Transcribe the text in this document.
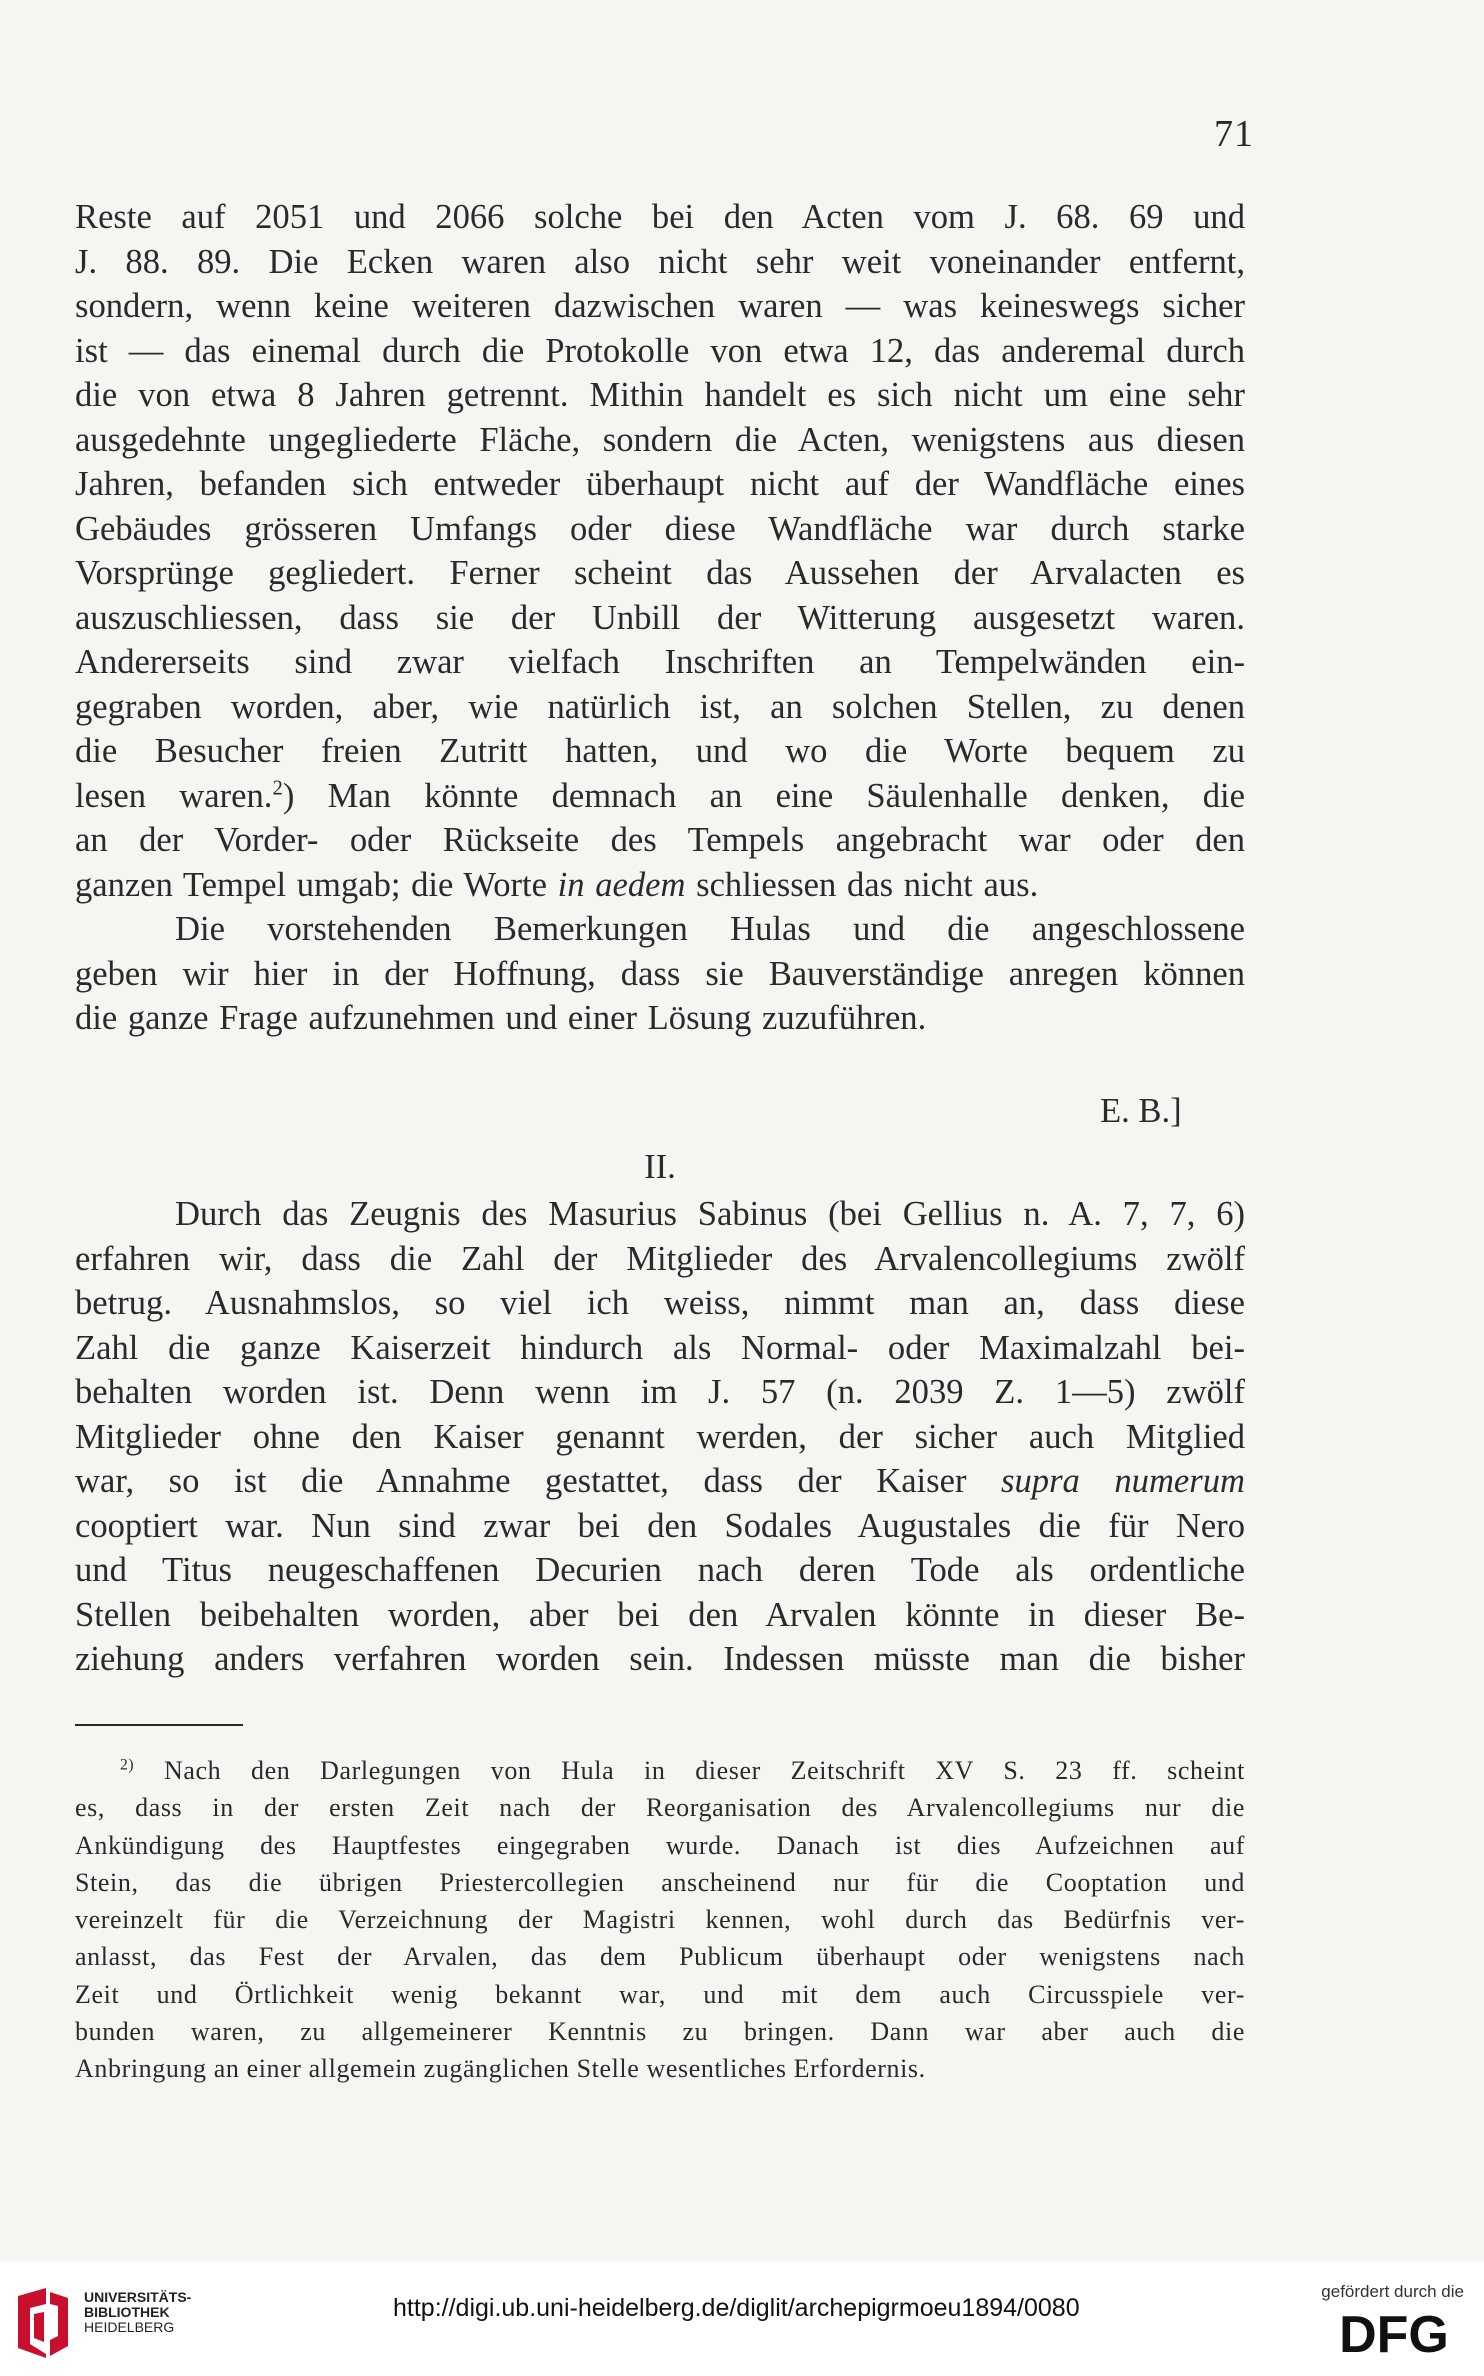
71

Reste auf 2051 und 2066 solche bei den Acten vom J. 68. 69 und

J. 88. 89. Die Ecken waren also nicht sehr weit voneinander entfernt,

sondern, wenn keine weiteren dazwischen waren — was keineswegs sicher

ist — das einemal durch die Protokolle von etwa 12, das anderemal durch

die von etwa 8 Jahren getrennt. Mithin handelt es sich nicht um eine sehr

ausgedehnte ungegliederte Fläche, sondern die Acten, wenigstens aus diesen

Jahren, befanden sich entweder überhaupt nicht auf der Wandfläche eines

Gebäudes grösseren Umfangs oder diese Wandfläche war durch starke

Vorsprünge gegliedert. Ferner scheint das Aussehen der Arvalacten es

auszuschliessen, dass sie der Unbill der Witterung ausgesetzt waren.

Andererseits sind zwar vielfach Inschriften an Tempelwänden ein-

gegraben worden, aber, wie natürlich ist, an solchen Stellen, zu denen

die Besucher freien Zutritt hatten, und wo die Worte bequem zu

lesen waren.$^2$) Man könnte demnach an eine Säulenhalle denken, die

an der Vorder- oder Rückseite des Tempels angebracht war oder den

ganzen Tempel umgab; die Worte in aedem schliessen das nicht aus.

Die vorstehenden Bemerkungen Hulas und die angeschlossene

geben wir hier in der Hoffnung, dass sie Bauverständige anregen können

die ganze Frage aufzunehmen und einer Lösung zuzuführen.

E. B.]
II.

Durch das Zeugnis des Masurius Sabinus (bei Gellius n. A. 7, 7, 6)

erfahren wir, dass die Zahl der Mitglieder des Arvalencollegiums zwölf

betrug. Ausnahmslos, so viel ich weiss, nimmt man an, dass diese

Zahl die ganze Kaiserzeit hindurch als Normal- oder Maximalzahl bei-

behalten worden ist. Denn wenn im J. 57 (n. 2039 Z. 1—5) zwölf

Mitglieder ohne den Kaiser genannt werden, der sicher auch Mitglied

war, so ist die Annahme gestattet, dass der Kaiser supra numerum

cooptiert war. Nun sind zwar bei den Sodales Augustales die für Nero

und Titus neugeschaffenen Decurien nach deren Tode als ordentliche

Stellen beibehalten worden, aber bei den Arvalen könnte in dieser Be-

ziehung anders verfahren worden sein. Indessen müsste man die bisher

$^{2)}$ Nach den Darlegungen von Hula in dieser Zeitschrift XV S. 23 ff. scheint

es, dass in der ersten Zeit nach der Reorganisation des Arvalencollegiums nur die

Ankündigung des Hauptfestes eingegraben wurde. Danach ist dies Aufzeichnen auf

Stein, das die übrigen Priestercollegien anscheinend nur für die Cooptation und

vereinzelt für die Verzeichnung der Magistri kennen, wohl durch das Bedürfnis ver-

anlasst, das Fest der Arvalen, das dem Publicum überhaupt oder wenigstens nach

Zeit und Örtlichkeit wenig bekannt war, und mit dem auch Circusspiele ver-

bunden waren, zu allgemeinerer Kenntnis zu bringen. Dann war aber auch die

Anbringung an einer allgemein zugänglichen Stelle wesentliches Erfordernis.

UNIVERSITÄTS-
BIBLIOTHEK
HEIDELBERG
http://digi.ub.uni-heidelberg.de/diglit/archepigrmoeu1894/0080
gefördert durch die
DFG
